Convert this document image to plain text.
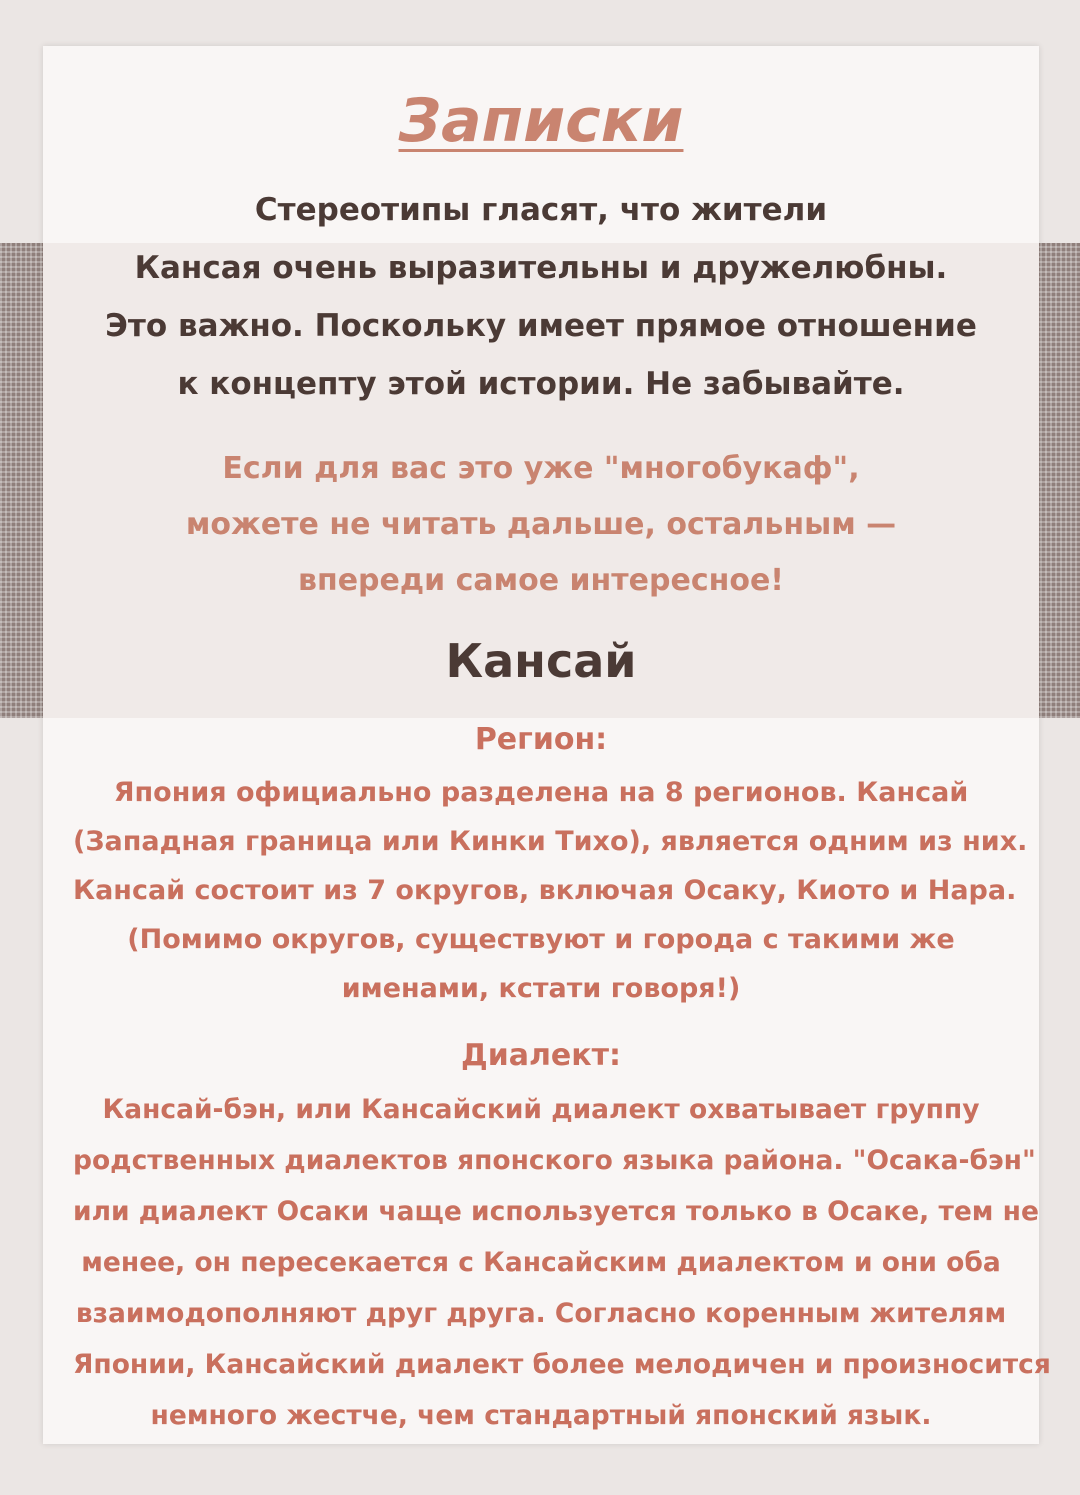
Записки

Стереотипы гласят, что жители
Кансая очень выразительны и дружелюбны.
Это важно. Поскольку имеет прямое отношение
к концепту этой истории. Не забывайте.

Если для вас это уже "многобукаф",
можете не читать дальше, остальным —
впереди самое интересное!

Кансай
Регион:

Япония официально разделена на 8 регионов. Кансай
(Западная граница или Кинки Тихо), является одним из них.
Кансай состоит из 7 округов, включая Осаку, Киото и Нара.
(Помимо округов, существуют и города с такими же
именами, кстати говоря!)

Диалект:

Кансай-бэн, или Кансайский диалект охватывает группу
родственных диалектов японского языка района. "Осака-бэн"
или диалект Осаки чаще используется только в Осаке, тем не
менее, он пересекается с Кансайским диалектом и они оба
взаимодополняют друг друга. Согласно коренным жителям
Японии, Кансайский диалект более мелодичен и произносится
немного жестче, чем стандартный японский язык.
